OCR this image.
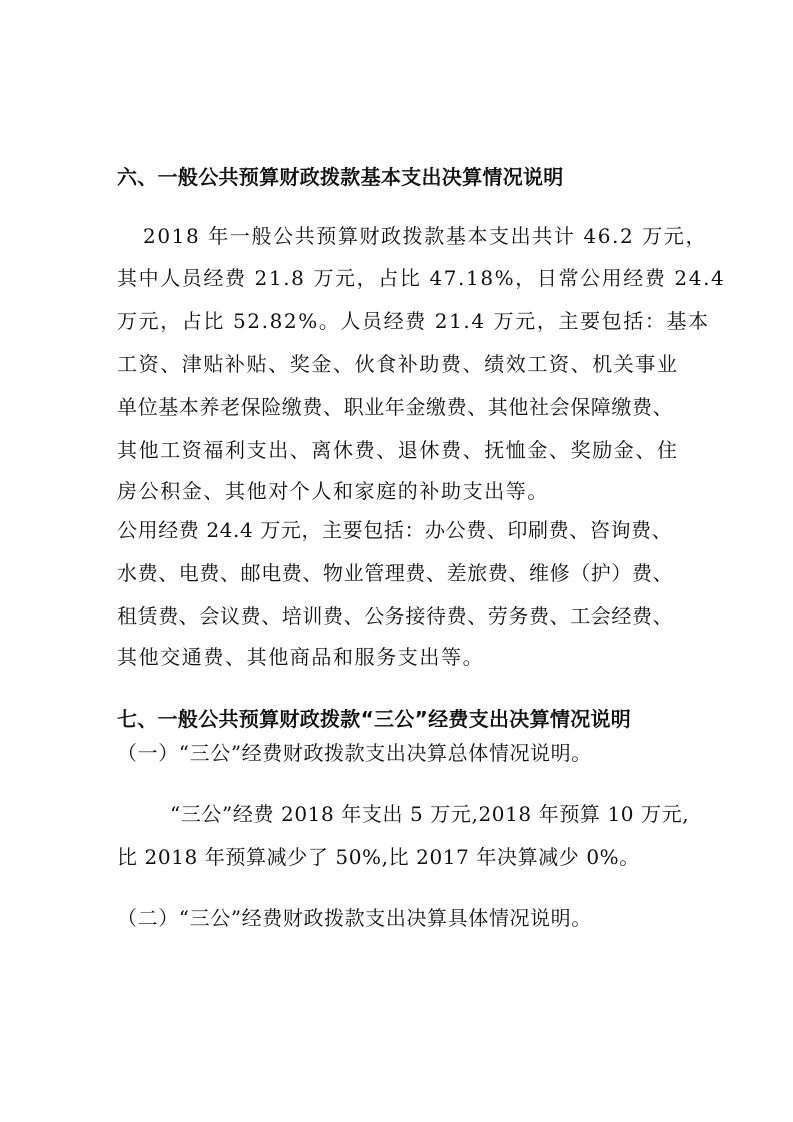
六、一般公共预算财政拨款基本支出决算情况说明
2018 年一般公共预算财政拨款基本支出共计 46.2 万元，
其中人员经费 21.8 万元，占比 47.18%，日常公用经费 24.4
万元，占比 52.82%。人员经费 21.4 万元，主要包括：基本
工资、津贴补贴、奖金、伙食补助费、绩效工资、机关事业
单位基本养老保险缴费、职业年金缴费、其他社会保障缴费、
其他工资福利支出、离休费、退休费、抚恤金、奖励金、住
房公积金、其他对个人和家庭的补助支出等。
公用经费 24.4 万元，主要包括：办公费、印刷费、咨询费、
水费、电费、邮电费、物业管理费、差旅费、维修（护）费、
租赁费、会议费、培训费、公务接待费、劳务费、工会经费、
其他交通费、其他商品和服务支出等。
七、一般公共预算财政拨款“三公”经费支出决算情况说明
（一）“三公”经费财政拨款支出决算总体情况说明。
“三公”经费 2018 年支出 5 万元,2018 年预算 10 万元,
比 2018 年预算减少了 50%,比 2017 年决算减少 0%。
（二）“三公”经费财政拨款支出决算具体情况说明。
